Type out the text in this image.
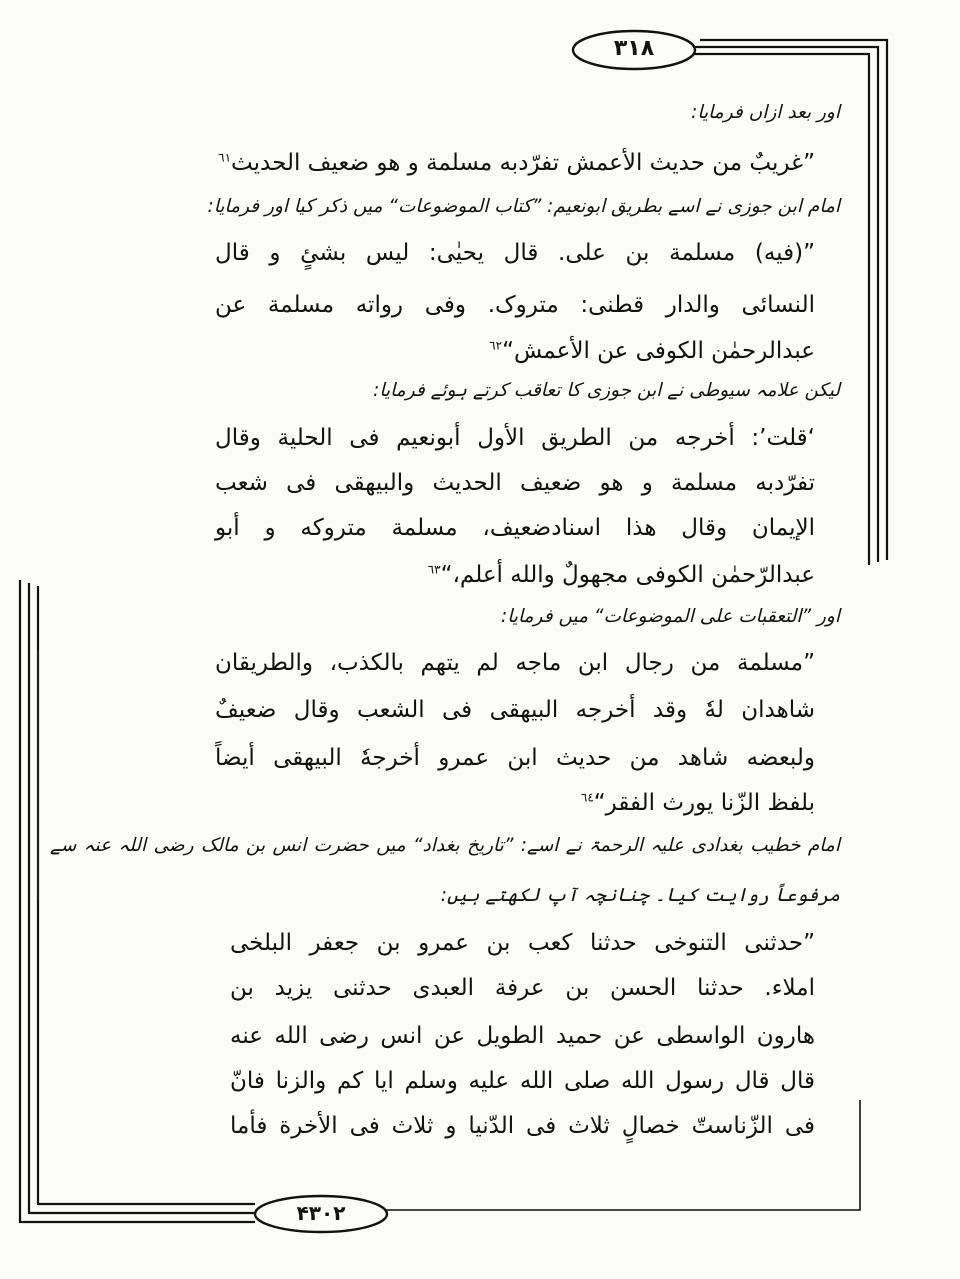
۳۱۸
۴۳۰۲
اور بعد ازاں فرمایا:
”غریبٌ من حدیث الأعمش تفرّدبه مسلمة و هو ضعیف الحدیث$^{٦١}$
امام ابن جوزی نے اسے بطریق ابونعیم: ”کتاب الموضوعات“ میں ذکر کیا اور فرمایا:
”(فیه) مسلمة بن علی. قال یحیٰی: لیس بشئٍ و قال
النسائی والدار قطنی: متروک. وفی رواته مسلمة عن
عبدالرحمٰن الکوفی عن الأعمش“$^{٦٢}$
لیکن علامہ سیوطی نے ابن جوزی کا تعاقب کرتے ہوئے فرمایا:
‘قلت’: أخرجه من الطریق الأول أبونعیم فی الحلیة وقال
تفرّدبه مسلمة و هو ضعیف الحدیث والبیهقی فی شعب
الإیمان وقال هذا اسنادضعیف، مسلمة متروکه و أبو
عبدالرّحمٰن الکوفی مجهولٌ والله أعلم،“$^{٦٣}$
اور ”التعقبات علی الموضوعات“ میں فرمایا:
”مسلمة من رجال ابن ماجه لم یتهم بالکذب، والطریقان
شاهدان لهٗ وقد أخرجه البیهقی فی الشعب وقال ضعیفٌ
ولبعضه شاهد من حدیث ابن عمرو أخرجهٗ البیهقی أیضاً
بلفظ الزّنا یورث الفقر“$^{٦٤}$
امام خطیب بغدادی علیہ الرحمۃ نے اسے: ”تاریخ بغداد“ میں حضرت انس بن مالک رضی اللہ عنہ سے
مرفوعاً روایت کیا۔ چنانچہ آپ لکھتے ہیں:
”حدثنی التنوخی حدثنا کعب بن عمرو بن جعفر البلخی
املاء. حدثنا الحسن بن عرفة العبدی حدثنی یزید بن
هارون الواسطی عن حمید الطویل عن انس رضی الله عنه
قال قال رسول الله صلی الله علیه وسلم ایا کم والزنا فانّ
فی الزّناستّ خصالٍ ثلاث فی الدّنیا و ثلاث فی الأخرة فأما
